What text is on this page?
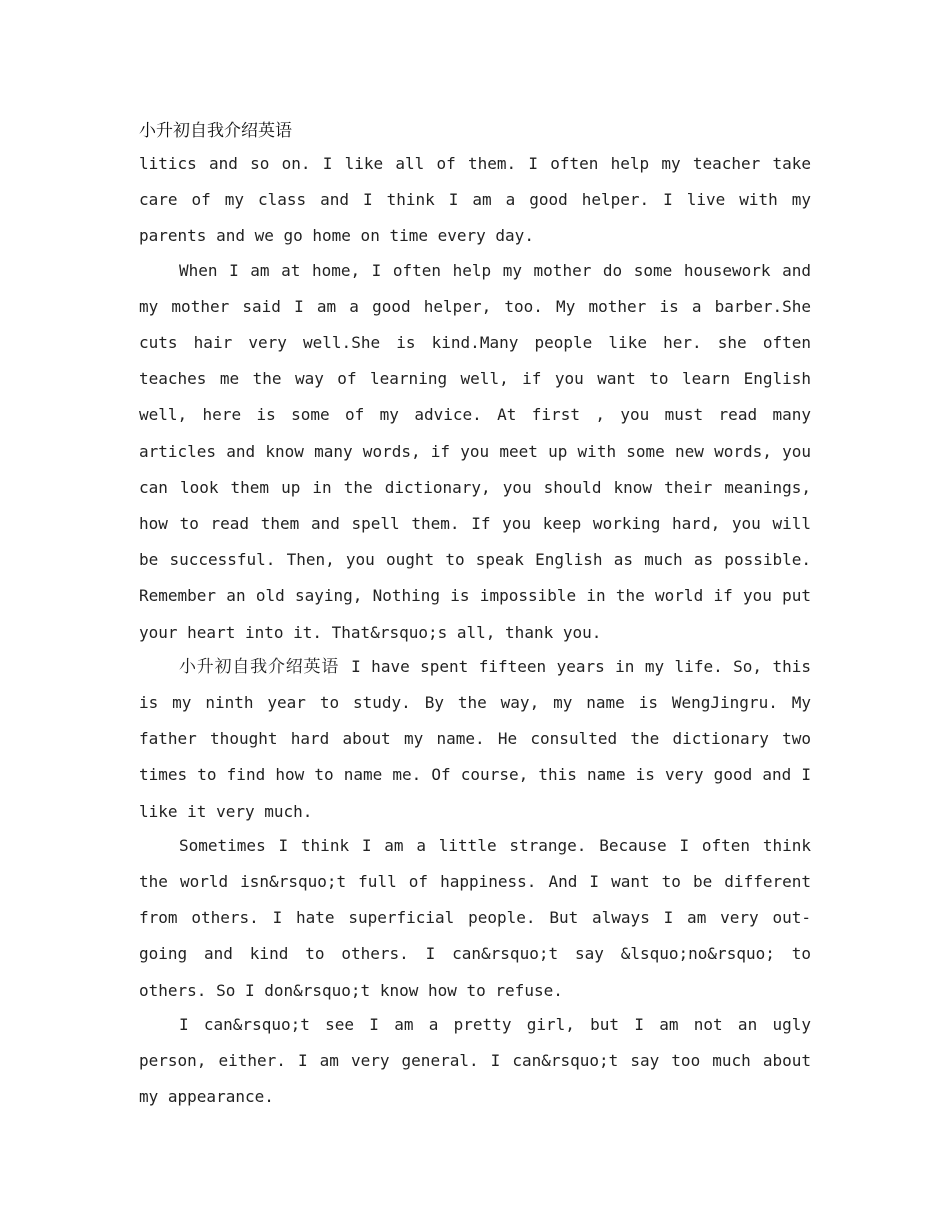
小升初自我介绍英语

litics and so on. I like all of them. I often help my teacher take care of my class and I think I am a good helper. I live with my parents and we go home on time every day.

When I am at home, I often help my mother do some housework and my mother said I am a good helper, too. My mother is a barber.She cuts hair very well.She is kind.Many people like her. she often teaches me the way of learning well, if you want to learn English well, here is some of my advice. At first , you must read many articles and know many words, if you meet up with some new words, you can look them up in the dictionary, you should know their meanings, how to read them and spell them. If you keep working hard, you will be successful. Then, you ought to speak English as much as possible. Remember an old saying, Nothing is impossible in the world if you put your heart into it. That&rsquo;s all, thank you.

小升初自我介绍英语 I have spent fifteen years in my life. So, this is my ninth year to study. By the way, my name is WengJingru. My father thought hard about my name. He consulted the dictionary two times to find how to name me. Of course, this name is very good and I like it very much.

Sometimes I think I am a little strange. Because I often think the world isn&rsquo;t full of happiness. And I want to be different from others. I hate superficial people. But always I am very out-going and kind to others. I can&rsquo;t say &lsquo;no&rsquo; to others. So I don&rsquo;t know how to refuse.

I can&rsquo;t see I am a pretty girl, but I am not an ugly person, either. I am very general. I can&rsquo;t say too much about my appearance.
